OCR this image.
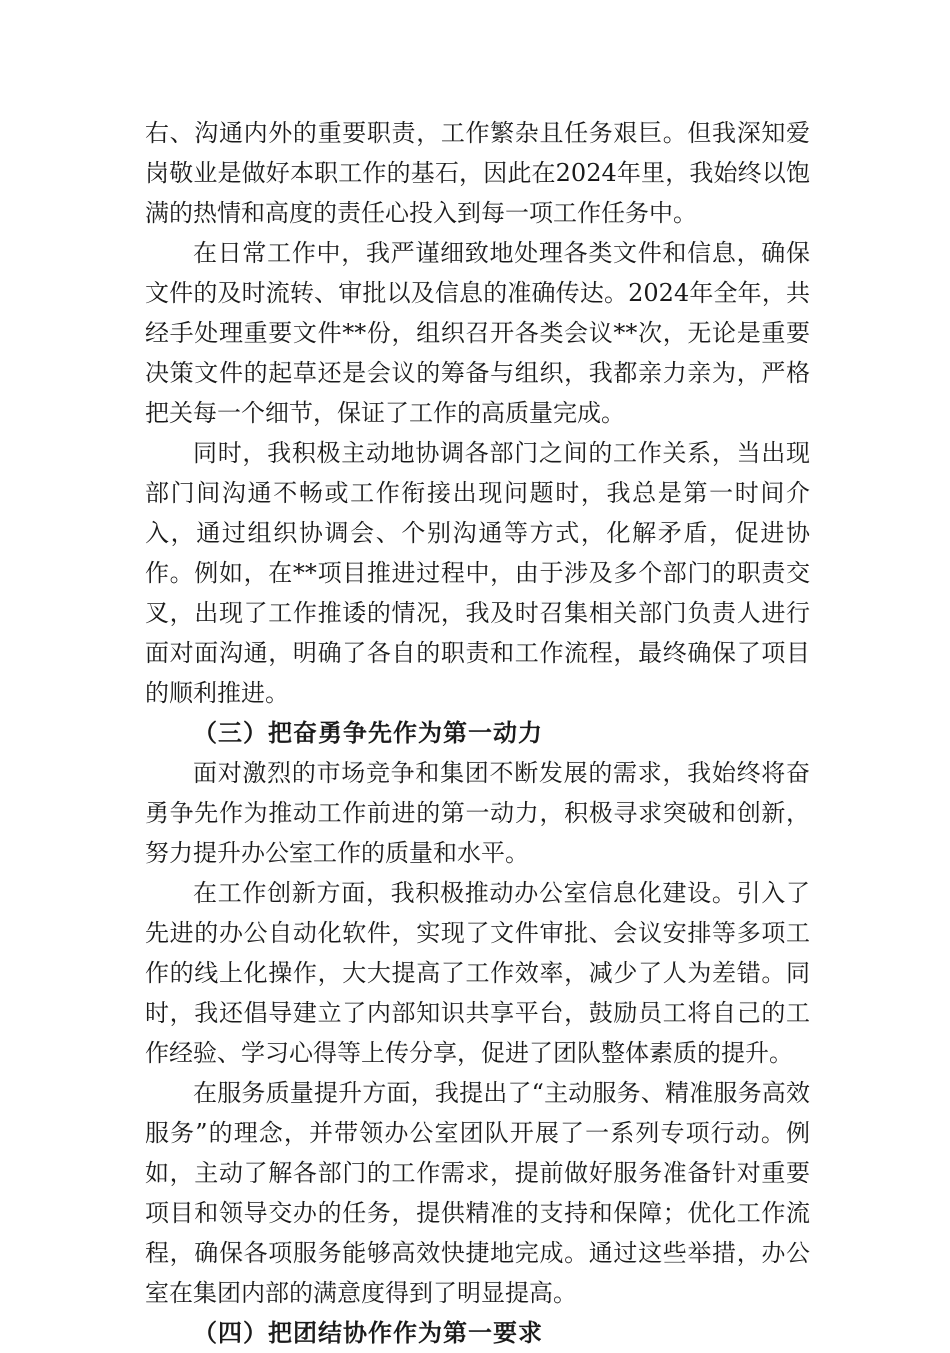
右、沟通内外的重要职责，工作繁杂且任务艰巨。但我深知爱岗敬业是做好本职工作的基石，因此在2024年里，我始终以饱满的热情和高度的责任心投入到每一项工作任务中。

在日常工作中，我严谨细致地处理各类文件和信息，确保文件的及时流转、审批以及信息的准确传达。2024年全年，共经手处理重要文件**份，组织召开各类会议**次，无论是重要决策文件的起草还是会议的筹备与组织，我都亲力亲为，严格把关每一个细节，保证了工作的高质量完成。

同时，我积极主动地协调各部门之间的工作关系，当出现部门间沟通不畅或工作衔接出现问题时，我总是第一时间介入，通过组织协调会、个别沟通等方式，化解矛盾，促进协作。例如，在**项目推进过程中，由于涉及多个部门的职责交叉，出现了工作推诿的情况，我及时召集相关部门负责人进行面对面沟通，明确了各自的职责和工作流程，最终确保了项目的顺利推进。

（三）把奋勇争先作为第一动力

面对激烈的市场竞争和集团不断发展的需求，我始终将奋勇争先作为推动工作前进的第一动力，积极寻求突破和创新，努力提升办公室工作的质量和水平。

在工作创新方面，我积极推动办公室信息化建设。引入了先进的办公自动化软件，实现了文件审批、会议安排等多项工作的线上化操作，大大提高了工作效率，减少了人为差错。同时，我还倡导建立了内部知识共享平台，鼓励员工将自己的工作经验、学习心得等上传分享，促进了团队整体素质的提升。

在服务质量提升方面，我提出了“主动服务、精准服务高效服务”的理念，并带领办公室团队开展了一系列专项行动。例如，主动了解各部门的工作需求，提前做好服务准备针对重要项目和领导交办的任务，提供精准的支持和保障；优化工作流程，确保各项服务能够高效快捷地完成。通过这些举措，办公室在集团内部的满意度得到了明显提高。

（四）把团结协作作为第一要求
